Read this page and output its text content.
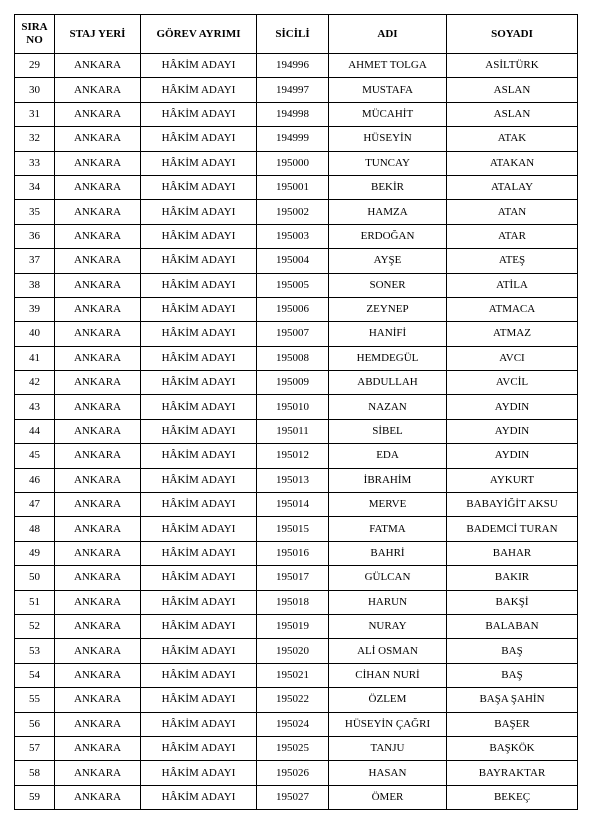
SIRA
NO	STAJ YERİ	GÖREV AYRIMI	SİCİLİ	ADI	SOYADI
29	ANKARA	HÂKİM ADAYI	194996	AHMET TOLGA	ASİLTÜRK
30	ANKARA	HÂKİM ADAYI	194997	MUSTAFA	ASLAN
31	ANKARA	HÂKİM ADAYI	194998	MÜCAHİT	ASLAN
32	ANKARA	HÂKİM ADAYI	194999	HÜSEYİN	ATAK
33	ANKARA	HÂKİM ADAYI	195000	TUNCAY	ATAKAN
34	ANKARA	HÂKİM ADAYI	195001	BEKİR	ATALAY
35	ANKARA	HÂKİM ADAYI	195002	HAMZA	ATAN
36	ANKARA	HÂKİM ADAYI	195003	ERDOĞAN	ATAR
37	ANKARA	HÂKİM ADAYI	195004	AYŞE	ATEŞ
38	ANKARA	HÂKİM ADAYI	195005	SONER	ATİLA
39	ANKARA	HÂKİM ADAYI	195006	ZEYNEP	ATMACA
40	ANKARA	HÂKİM ADAYI	195007	HANİFİ	ATMAZ
41	ANKARA	HÂKİM ADAYI	195008	HEMDEGÜL	AVCI
42	ANKARA	HÂKİM ADAYI	195009	ABDULLAH	AVCİL
43	ANKARA	HÂKİM ADAYI	195010	NAZAN	AYDIN
44	ANKARA	HÂKİM ADAYI	195011	SİBEL	AYDIN
45	ANKARA	HÂKİM ADAYI	195012	EDA	AYDIN
46	ANKARA	HÂKİM ADAYI	195013	İBRAHİM	AYKURT
47	ANKARA	HÂKİM ADAYI	195014	MERVE	BABAYİĞİT AKSU
48	ANKARA	HÂKİM ADAYI	195015	FATMA	BADEMCİ TURAN
49	ANKARA	HÂKİM ADAYI	195016	BAHRİ	BAHAR
50	ANKARA	HÂKİM ADAYI	195017	GÜLCAN	BAKIR
51	ANKARA	HÂKİM ADAYI	195018	HARUN	BAKŞİ
52	ANKARA	HÂKİM ADAYI	195019	NURAY	BALABAN
53	ANKARA	HÂKİM ADAYI	195020	ALİ OSMAN	BAŞ
54	ANKARA	HÂKİM ADAYI	195021	CİHAN NURİ	BAŞ
55	ANKARA	HÂKİM ADAYI	195022	ÖZLEM	BAŞA ŞAHİN
56	ANKARA	HÂKİM ADAYI	195024	HÜSEYİN ÇAĞRI	BAŞER
57	ANKARA	HÂKİM ADAYI	195025	TANJU	BAŞKÖK
58	ANKARA	HÂKİM ADAYI	195026	HASAN	BAYRAKTAR
59	ANKARA	HÂKİM ADAYI	195027	ÖMER	BEKEÇ
